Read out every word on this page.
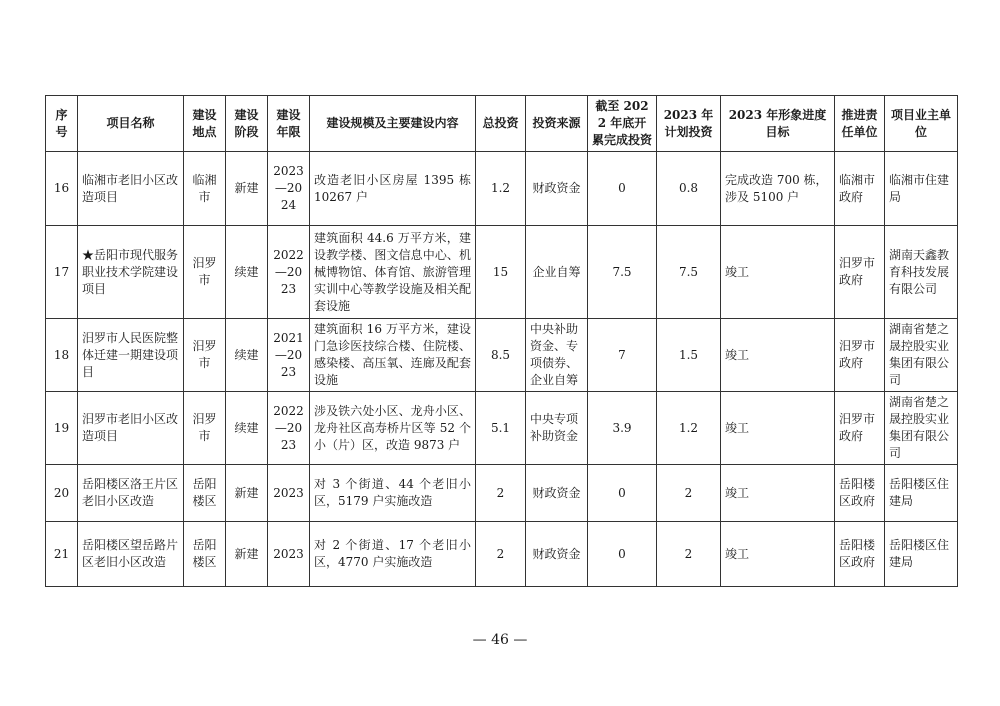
序号	项目名称	建设地点	建设阶段	建设年限	建设规模及主要建设内容	总投资	投资来源	截至 2022 年底开累完成投资	2023 年计划投资	2023 年形象进度目标	推进责任单位	项目业主单位
16	临湘市老旧小区改造项目	临湘市	新建	2023—2024	改造老旧小区房屋 1395 栋 10267 户	1.2	财政资金	0	0.8	完成改造 700 栋，涉及 5100 户	临湘市政府	临湘市住建局
17	★岳阳市现代服务职业技术学院建设项目	汨罗市	续建	2022—2023	建筑面积 44.6 万平方米，建设教学楼、图文信息中心、机械博物馆、体育馆、旅游管理实训中心等教学设施及相关配套设施	15	企业自筹	7.5	7.5	竣工	汨罗市政府	湖南天鑫教育科技发展有限公司
18	汨罗市人民医院整体迁建一期建设项目	汨罗市	续建	2021—2023	建筑面积 16 万平方米，建设门急诊医技综合楼、住院楼、感染楼、高压氧、连廊及配套设施	8.5	中央补助资金、专项债券、企业自筹	7	1.5	竣工	汨罗市政府	湖南省楚之晟控股实业集团有限公司
19	汨罗市老旧小区改造项目	汨罗市	续建	2022—2023	涉及铁六处小区、龙舟小区、龙舟社区高寿桥片区等 52 个小（片）区，改造 9873 户	5.1	中央专项补助资金	3.9	1.2	竣工	汨罗市政府	湖南省楚之晟控股实业集团有限公司
20	岳阳楼区洛王片区老旧小区改造	岳阳楼区	新建	2023	对 3 个街道、44 个老旧小区，5179 户实施改造	2	财政资金	0	2	竣工	岳阳楼区政府	岳阳楼区住建局
21	岳阳楼区望岳路片区老旧小区改造	岳阳楼区	新建	2023	对 2 个街道、17 个老旧小区，4770 户实施改造	2	财政资金	0	2	竣工	岳阳楼区政府	岳阳楼区住建局
— 46 —
